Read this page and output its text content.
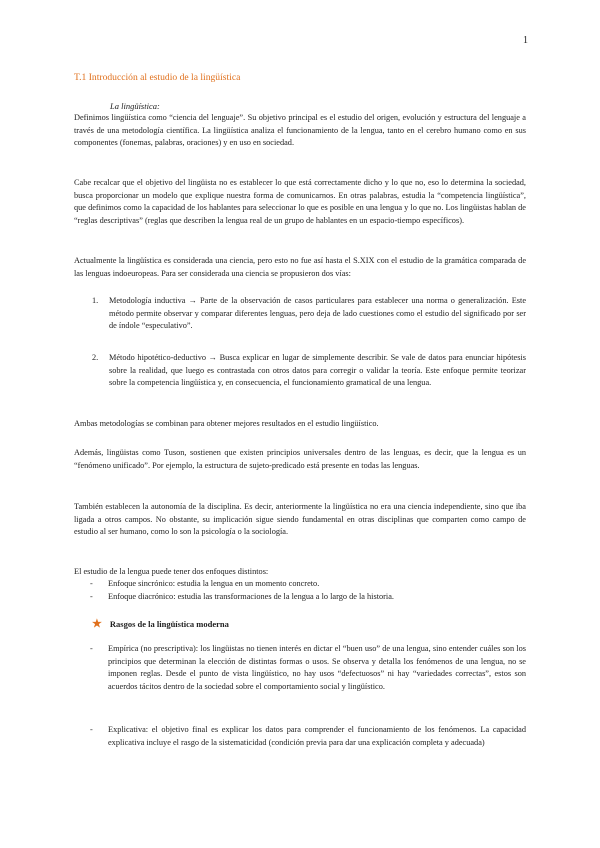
1
T.1 Introducción al estudio de la lingüística
La lingüística:

Definimos lingüística como “ciencia del lenguaje”. Su objetivo principal es el estudio del origen, evolución y estructura del lenguaje a través de una metodología científica. La lingüística analiza el funcionamiento de la lengua, tanto en el cerebro humano como en sus componentes (fonemas, palabras, oraciones) y en uso en sociedad.

Cabe recalcar que el objetivo del lingüista no es establecer lo que está correctamente dicho y lo que no, eso lo determina la sociedad, busca proporcionar un modelo que explique nuestra forma de comunicarnos. En otras palabras, estudia la “competencia lingüística”, que definimos como la capacidad de los hablantes para seleccionar lo que es posible en una lengua y lo que no. Los lingüistas hablan de “reglas descriptivas” (reglas que describen la lengua real de un grupo de hablantes en un espacio-tiempo específicos).

Actualmente la lingüística es considerada una ciencia, pero esto no fue así hasta el S.XIX con el estudio de la gramática comparada de las lenguas indoeuropeas. Para ser considerada una ciencia se propusieron dos vías:

1. Metodología inductiva → Parte de la observación de casos particulares para establecer una norma o generalización. Este método permite observar y comparar diferentes lenguas, pero deja de lado cuestiones como el estudio del significado por ser de índole “especulativo”.
2. Método hipotético-deductivo → Busca explicar en lugar de simplemente describir. Se vale de datos para enunciar hipótesis sobre la realidad, que luego es contrastada con otros datos para corregir o validar la teoría. Este enfoque permite teorizar sobre la competencia lingüística y, en consecuencia, el funcionamiento gramatical de una lengua.

Ambas metodologías se combinan para obtener mejores resultados en el estudio lingüístico.

Además, lingüistas como Tuson, sostienen que existen principios universales dentro de las lenguas, es decir, que la lengua es un “fenómeno unificado”. Por ejemplo, la estructura de sujeto-predicado está presente en todas las lenguas.

También establecen la autonomía de la disciplina. Es decir, anteriormente la lingüística no era una ciencia independiente, sino que iba ligada a otros campos. No obstante, su implicación sigue siendo fundamental en otras disciplinas que comparten como campo de estudio al ser humano, como lo son la psicología o la sociología.

El estudio de la lengua puede tener dos enfoques distintos:

-	Enfoque sincrónico: estudia la lengua en un momento concreto.
-	Enfoque diacrónico: estudia las transformaciones de la lengua a lo largo de la historia.
★ Rasgos de la lingüística moderna
-	Empírica (no prescriptiva): los lingüistas no tienen interés en dictar el “buen uso” de una lengua, sino entender cuáles son los principios que determinan la elección de distintas formas o usos. Se observa y detalla los fenómenos de una lengua, no se imponen reglas. Desde el punto de vista lingüístico, no hay usos “defectuosos” ni hay “variedades correctas”, estos son acuerdos tácitos dentro de la sociedad sobre el comportamiento social y lingüístico.
-	Explicativa: el objetivo final es explicar los datos para comprender el funcionamiento de los fenómenos. La capacidad explicativa incluye el rasgo de la sistematicidad (condición previa para dar una explicación completa y adecuada)
